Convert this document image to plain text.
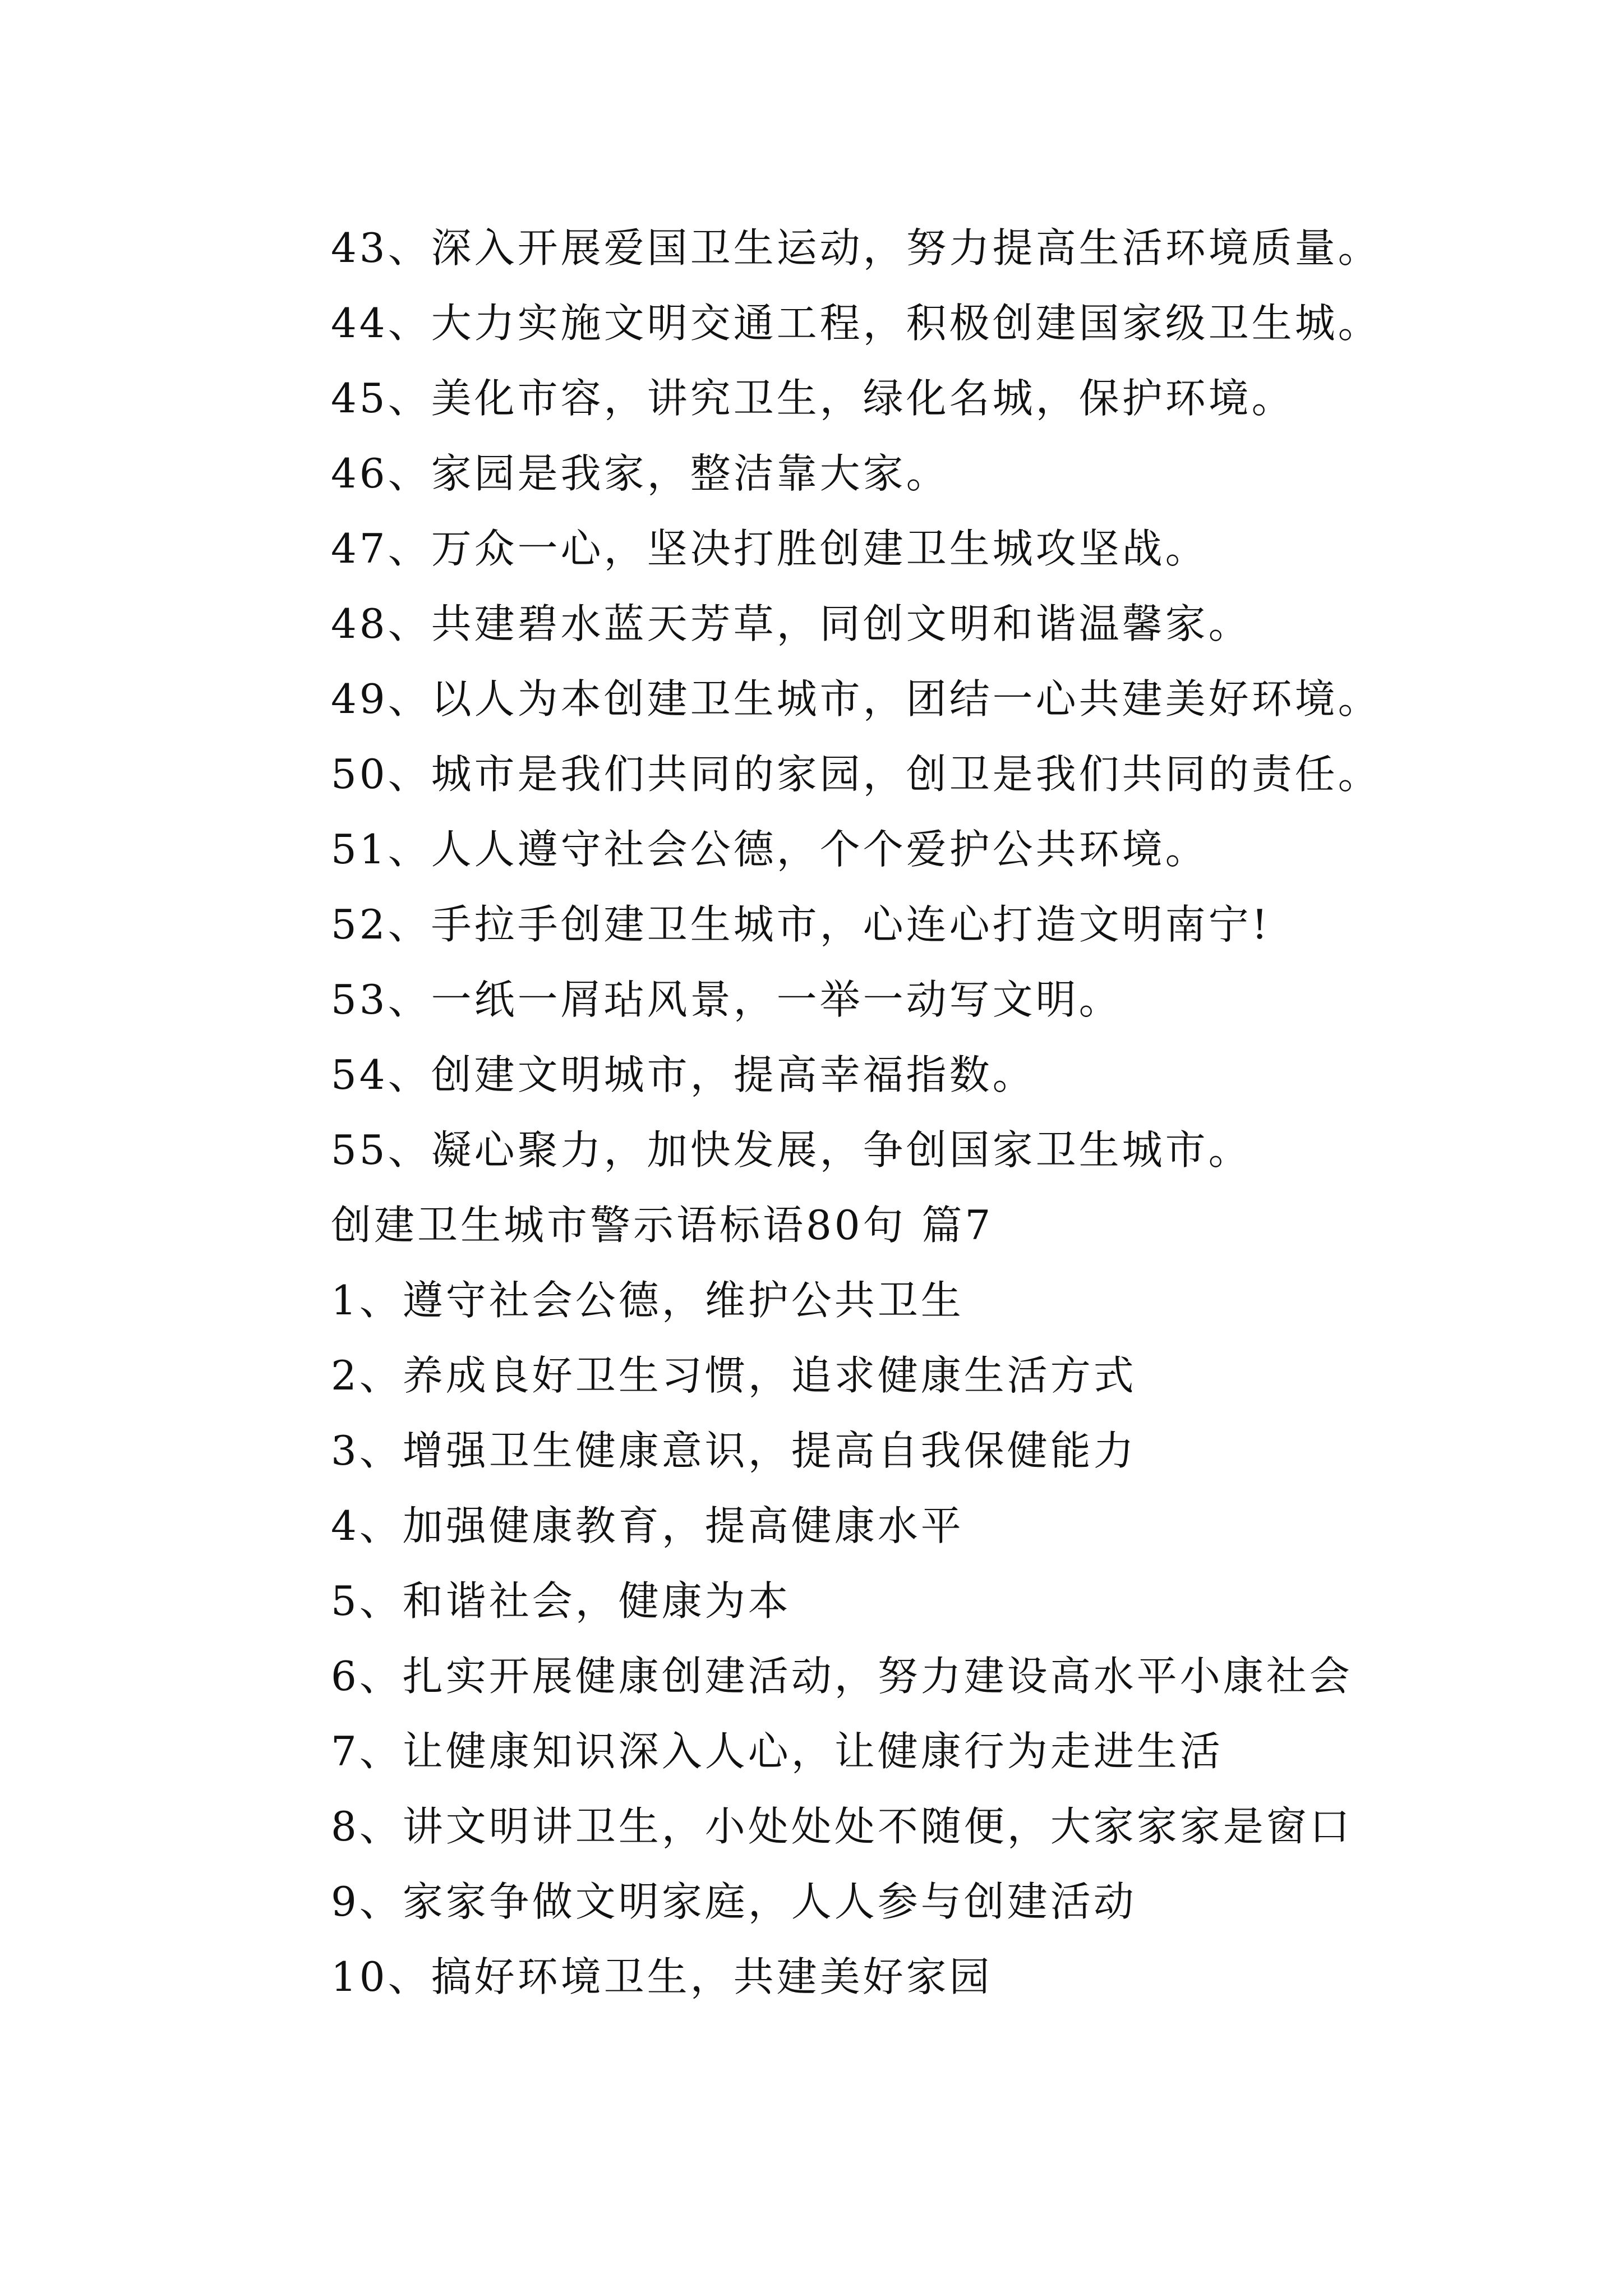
43、深入开展爱国卫生运动，努力提高生活环境质量。
44、大力实施文明交通工程，积极创建国家级卫生城。
45、美化市容，讲究卫生，绿化名城，保护环境。
46、家园是我家，整洁靠大家。
47、万众一心，坚决打胜创建卫生城攻坚战。
48、共建碧水蓝天芳草，同创文明和谐温馨家。
49、以人为本创建卫生城市，团结一心共建美好环境。
50、城市是我们共同的家园，创卫是我们共同的责任。
51、人人遵守社会公德，个个爱护公共环境。
52、手拉手创建卫生城市，心连心打造文明南宁!
53、一纸一屑玷风景，一举一动写文明。
54、创建文明城市，提高幸福指数。
55、凝心聚力，加快发展，争创国家卫生城市。
创建卫生城市警示语标语80句 篇7
1、遵守社会公德，维护公共卫生
2、养成良好卫生习惯，追求健康生活方式
3、增强卫生健康意识，提高自我保健能力
4、加强健康教育，提高健康水平
5、和谐社会，健康为本
6、扎实开展健康创建活动，努力建设高水平小康社会
7、让健康知识深入人心，让健康行为走进生活
8、讲文明讲卫生，小处处处不随便，大家家家是窗口
9、家家争做文明家庭，人人参与创建活动
10、搞好环境卫生，共建美好家园
